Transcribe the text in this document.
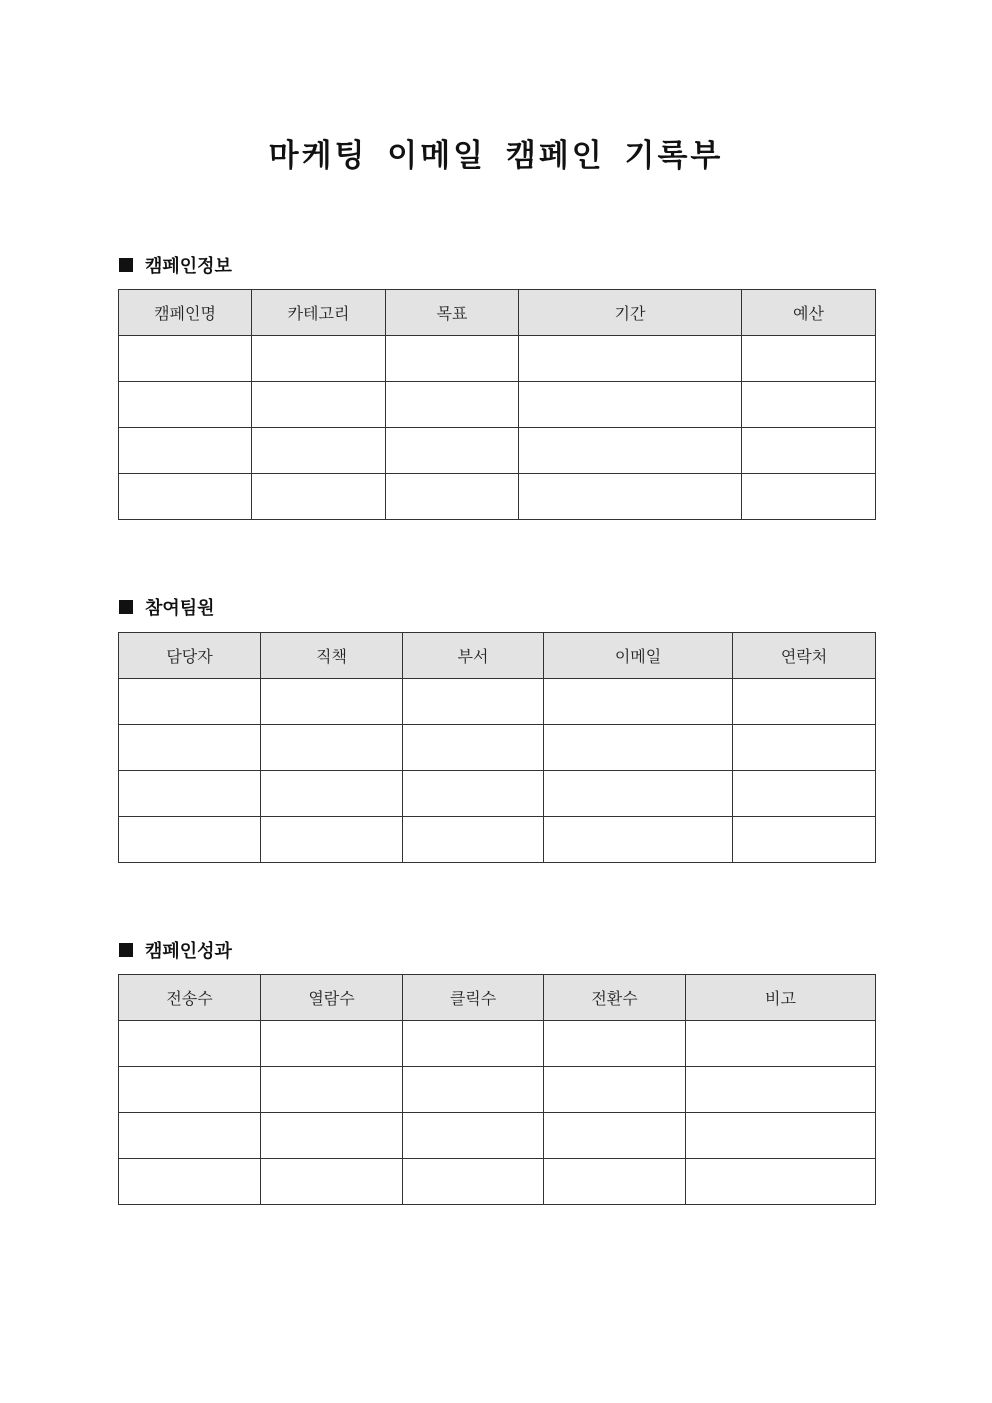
마케팅 이메일 캠페인 기록부
캠페인정보
캠페인명	카테고리	목표	기간	예산

참여팀원
담당자	직책	부서	이메일	연락처

캠페인성과
전송수	열람수	클릭수	전환수	비고
